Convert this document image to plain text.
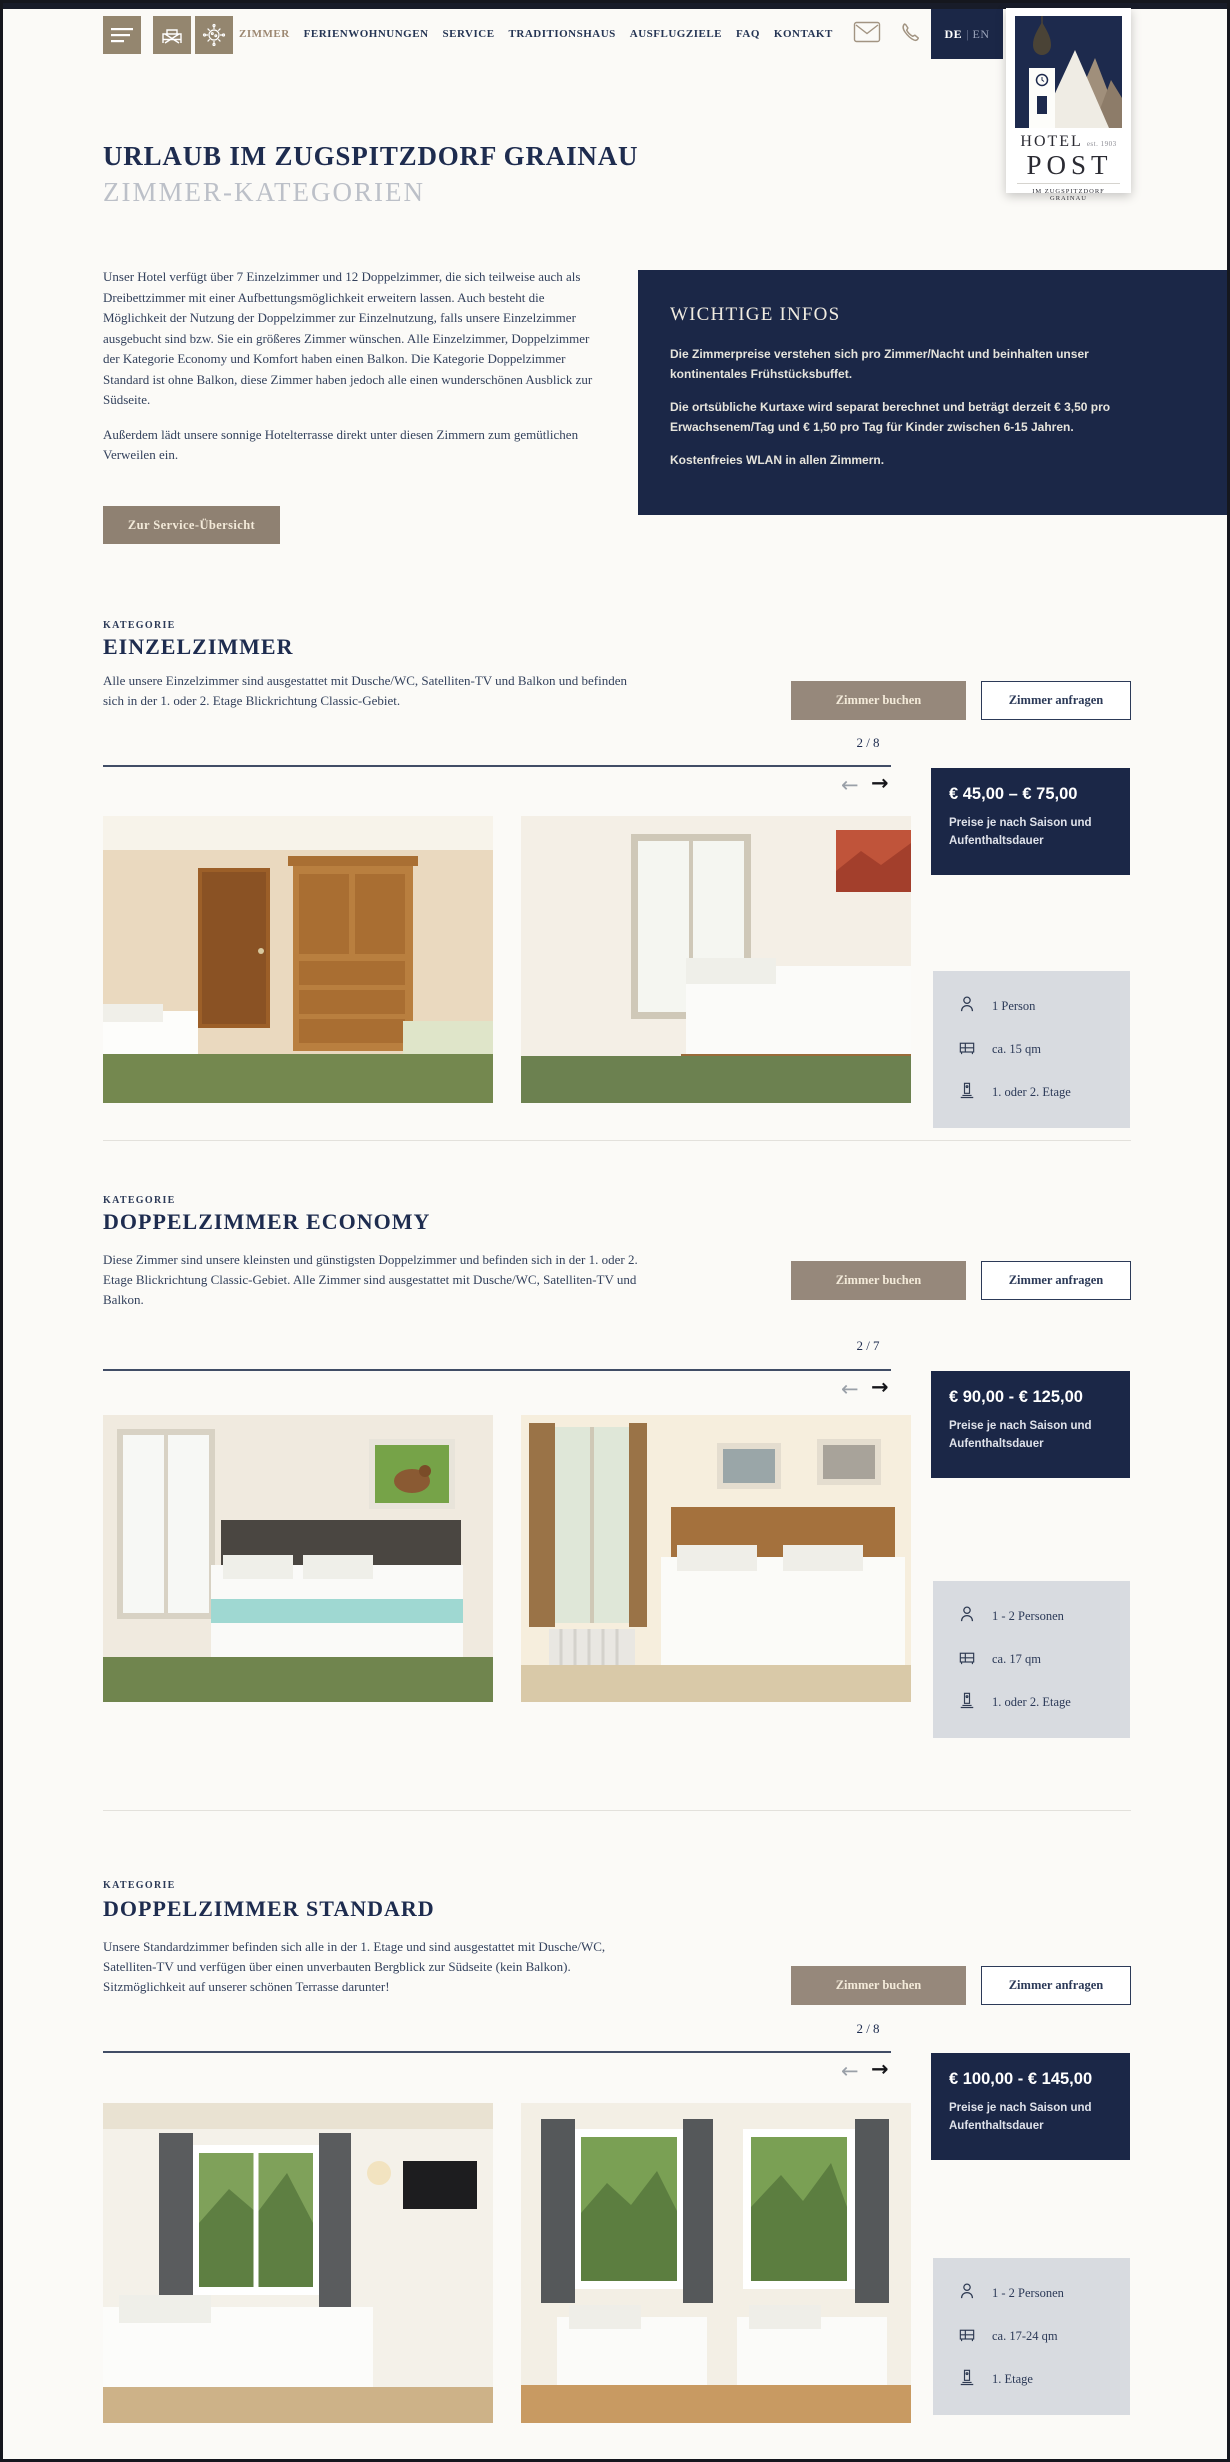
ZIMMER FERIENWOHNUNGEN SERVICE TRADITIONSHAUS AUSFLUGZIELE FAQ KONTAKT	DE | EN
HOTEL est. 1903
POST
IM ZUGSPITZDORF GRAINAU
URLAUB IM ZUGSPITZDORF GRAINAU
ZIMMER-KATEGORIEN

Unser Hotel verfügt über 7 Einzelzimmer und 12 Doppelzimmer, die sich teilweise auch als Dreibettzimmer mit einer Aufbettungsmöglichkeit erweitern lassen. Auch besteht die Möglichkeit der Nutzung der Doppelzimmer zur Einzelnutzung, falls unsere Einzelzimmer ausgebucht sind bzw. Sie ein größeres Zimmer wünschen. Alle Einzelzimmer, Doppelzimmer der Kategorie Economy und Komfort haben einen Balkon. Die Kategorie Doppelzimmer Standard ist ohne Balkon, diese Zimmer haben jedoch alle einen wunderschönen Ausblick zur Südseite.

Außerdem lädt unsere sonnige Hotelterrasse direkt unter diesen Zimmern zum gemütlichen Verweilen ein.

Zur Service-Übersicht
WICHTIGE INFOS

Die Zimmerpreise verstehen sich pro Zimmer/Nacht und beinhalten unser kontinentales Frühstücksbuffet.

Die ortsübliche Kurtaxe wird separat berechnet und beträgt derzeit € 3,50 pro Erwachsenem/Tag und € 1,50 pro Tag für Kinder zwischen 6-15 Jahren.

Kostenfreies WLAN in allen Zimmern.

KATEGORIE
EINZELZIMMER

Alle unsere Einzelzimmer sind ausgestattet mit Dusche/WC, Satelliten-TV und Balkon und befinden sich in der 1. oder 2. Etage Blickrichtung Classic-Gebiet.	Zimmer buchen	Zimmer anfragen
2 / 8
← →	€ 45,00 – € 75,00
Preise je nach Saison und Aufenthaltsdauer
1 Person
ca. 15 qm
1. oder 2. Etage
KATEGORIE
DOPPELZIMMER ECONOMY

Diese Zimmer sind unsere kleinsten und günstigsten Doppelzimmer und befinden sich in der 1. oder 2. Etage Blickrichtung Classic-Gebiet. Alle Zimmer sind ausgestattet mit Dusche/WC, Satelliten-TV und Balkon.

Zimmer buchen	Zimmer anfragen
2 / 7
← →	€ 90,00 - € 125,00
Preise je nach Saison und Aufenthaltsdauer
1 - 2 Personen
ca. 17 qm
1. oder 2. Etage
KATEGORIE
DOPPELZIMMER STANDARD

Unsere Standardzimmer befinden sich alle in der 1. Etage und sind ausgestattet mit Dusche/WC, Satelliten-TV und verfügen über einen unverbauten Bergblick zur Südseite (kein Balkon). Sitzmöglichkeit auf unserer schönen Terrasse darunter!	Zimmer buchen	Zimmer anfragen
2 / 8
← →	€ 100,00 - € 145,00
Preise je nach Saison und Aufenthaltsdauer
1 - 2 Personen
ca. 17-24 qm
1. Etage
